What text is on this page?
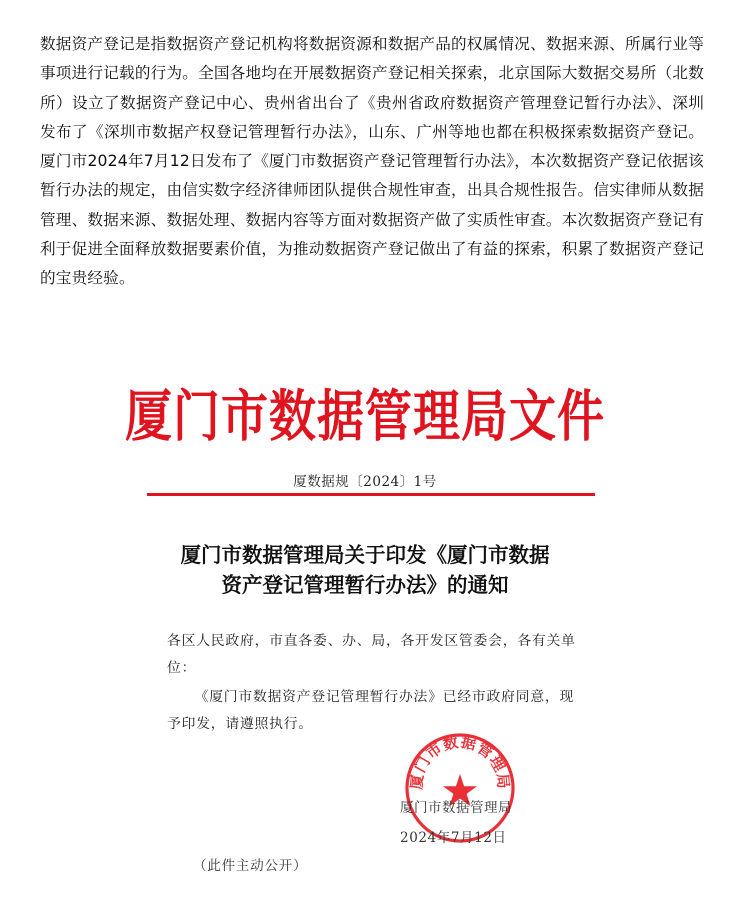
数据资产登记是指数据资产登记机构将数据资源和数据产品的权属情况、数据来源、所属行业等事项进行记载的行为。全国各地均在开展数据资产登记相关探索，北京国际大数据交易所（北数所）设立了数据资产登记中心、贵州省出台了《贵州省政府数据资产管理登记暂行办法》、深圳发布了《深圳市数据产权登记管理暂行办法》，山东、广州等地也都在积极探索数据资产登记。厦门市2024年7月12日发布了《厦门市数据资产登记管理暂行办法》，本次数据资产登记依据该暂行办法的规定，由信实数字经济律师团队提供合规性审查，出具合规性报告。信实律师从数据管理、数据来源、数据处理、数据内容等方面对数据资产做了实质性审查。本次数据资产登记有利于促进全面释放数据要素价值，为推动数据资产登记做出了有益的探索，积累了数据资产登记的宝贵经验。
厦门市数据管理局文件
厦数据规〔2024〕1号
厦门市数据管理局关于印发《厦门市数据
资产登记管理暂行办法》的通知
各区人民政府，市直各委、办、局，各开发区管委会，各有关单位：
《厦门市数据资产登记管理暂行办法》已经市政府同意，现予印发，请遵照执行。
厦门市数据管理局
厦门市数据管理局
2024年7月12日
（此件主动公开）
